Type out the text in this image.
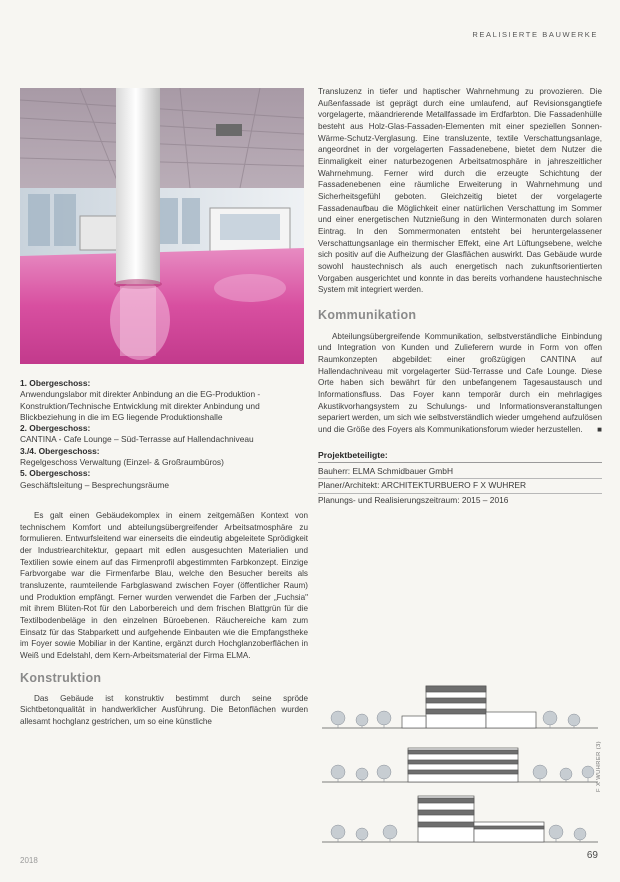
REALISIERTE BAUWERKE
1. Obergeschoss:
Anwendungslabor mit direkter Anbindung an die EG-Produktion - Konstruktion/Technische Entwicklung mit direkter Anbindung und Blickbeziehung in die im EG liegende Produktionshalle
2. Obergeschoss:
CANTINA - Cafe Lounge – Süd-Terrasse auf Hallendachniveau
3./4. Obergeschoss:
Regelgeschoss Verwaltung (Einzel- & Großraumbüros)
5. Obergeschoss:
Geschäftsleitung – Besprechungsräume

Es galt einen Gebäudekomplex in einem zeitgemäßen Kontext von technischem Komfort und abteilungsübergreifender Arbeitsatmosphäre zu formulieren. Entwurfsleitend war einerseits die eindeutig abgeleitete Sprödigkeit der Industriearchitektur, gepaart mit edlen ausgesuchten Materialien und Textilien sowie einem auf das Firmenprofil abgestimmten Farbkonzept. Einzige Farbvorgabe war die Firmenfarbe Blau, welche den Besucher bereits als transluzente, raumteilende Farbglaswand zwischen Foyer (öffentlicher Raum) und Produktion empfängt. Ferner wurden verwendet die Farben der „Fuchsia" mit ihrem Blüten-Rot für den Laborbereich und dem frischen Blattgrün für die Textilbodenbeläge in den einzelnen Büroebenen. Räuchereiche kam zum Einsatz für das Stabparkett und aufgehende Einbauten wie die Empfangstheke im Foyer sowie Mobiliar in der Kantine, ergänzt durch Hochglanzoberflächen in Weiß und Edelstahl, dem Kern-Arbeitsmaterial der Firma ELMA.

Konstruktion

Das Gebäude ist konstruktiv bestimmt durch seine spröde Sichtbetonqualität in handwerklicher Ausführung. Die Betonflächen wurden allesamt hochglanz gestrichen, um so eine künstliche

Transluzenz in tiefer und haptischer Wahrnehmung zu provozieren. Die Außenfassade ist geprägt durch eine umlaufend, auf Revisionsgangtiefe vorgelagerte, mäandrierende Metallfassade im Erdfarbton. Die Fassadenhülle besteht aus Holz-Glas-Fassaden-Elementen mit einer speziellen Sonnen-Wärme-Schutz-Verglasung. Eine transluzente, textile Verschattungsanlage, angeordnet in der vorgelagerten Fassadenebene, bietet dem Nutzer die Einmaligkeit einer naturbezogenen Arbeitsatmosphäre in jahreszeitlicher Wahrnehmung. Ferner wird durch die erzeugte Schichtung der Fassadenebenen eine räumliche Erweiterung in Wahrnehmung und Sicherheitsgefühl geboten. Gleichzeitig bietet der vorgelagerte Fassadenaufbau die Möglichkeit einer natürlichen Verschattung im Sommer und einer energetischen Nutznießung in den Wintermonaten durch solaren Eintrag. In den Sommermonaten entsteht bei heruntergelassener Verschattungsanlage ein thermischer Effekt, eine Art Lüftungsebene, welche sich positiv auf die Aufheizung der Glasflächen auswirkt. Das Gebäude wurde sowohl haustechnisch als auch energetisch nach zukunftsorientierten Vorgaben ausgerichtet und konnte in das bereits vorhandene haustechnische System mit integriert werden.

Kommunikation

Abteilungsübergreifende Kommunikation, selbstverständliche Einbindung und Integration von Kunden und Zulieferern wurde in Form von offen Raumkonzepten abgebildet: einer großzügigen CANTINA auf Hallendachniveau mit vorgelagerter Süd-Terrasse und Cafe Lounge. Diese Orte haben sich bewährt für den unbefangenem Tagesaustausch und Informationsfluss. Das Foyer kann temporär durch ein mehrlagiges Akustikvorhangsystem zu Schulungs- und Informationsveranstaltungen separiert werden, um sich wie selbstverständlich wieder umgehend aufzulösen und die Größe des Foyers als Kommunikationsforum wieder herzustellen.	■
Projektbeteiligte:
Bauherr: ELMA Schmidbauer GmbH
Planer/Architekt: ARCHITEKTURBUERO F X WUHRER
Planungs- und Realisierungszeitraum: 2015 – 2016
F X WUHRER (3)
2018	69
